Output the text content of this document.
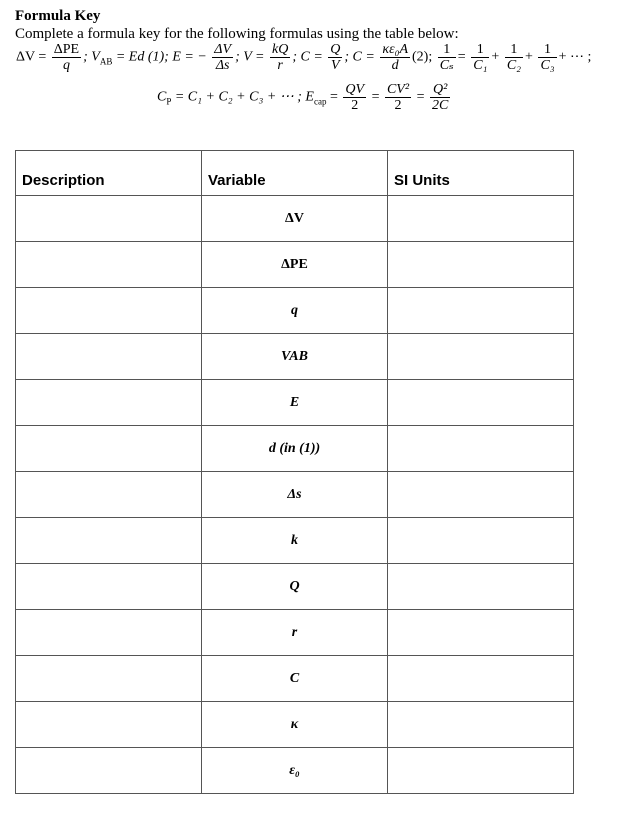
Formula Key
Complete a formula key for the following formulas using the table below:
$\Delta V = \frac{\text{ΔPE}}{q}$ ; $V_{AB} = Ed$ (1); E = − $\frac{\Delta V}{\Delta s}$ ; $V = \frac{kQ}{r}$ ; $C = \frac{Q}{V}$ ; $C = \frac{\text{κε₀A}}{d} (2)$; $\frac{1}{\text{Cₛ}} = \frac{1}{\text{C₁}} + \frac{1}{\text{C₂}} + \frac{1}{\text{C₃}}$ + ⋯ ;
$C_P = C_1 + C_2 + C_3$ + ⋯ ; $E_{cap} = \frac{QV}{2} = \frac{\text{CV²}}{2} = \frac{\text{Q²}}{2C}$
Description	Variable	SI Units
	ΔV	
	ΔPE	
	q	
	VAB	
	E	
	d (in (1))	
	Δs	
	k	
	Q	
	r	
	C	
	κ	
	ε₀	
